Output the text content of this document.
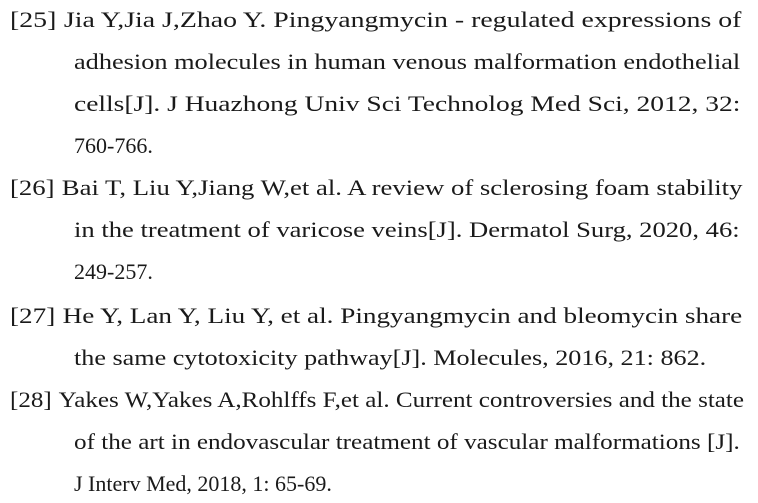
[25] Jia Y,Jia J,Zhao Y. Pingyangmycin - regulated expressions of
adhesion molecules in human venous malformation endothelial
cells[J]. J Huazhong Univ Sci Technolog Med Sci, 2012, 32:
760-766.
[26] Bai T, Liu Y,Jiang W,et al. A review of sclerosing foam stability
in the treatment of varicose veins[J]. Dermatol Surg, 2020, 46:
249-257.
[27] He Y, Lan Y, Liu Y, et al. Pingyangmycin and bleomycin share
the same cytotoxicity pathway[J]. Molecules, 2016, 21: 862.
[28] Yakes W,Yakes A,Rohlffs F,et al. Current controversies and the state
of the art in endovascular treatment of vascular malformations [J].
J Interv Med, 2018, 1: 65-69.
